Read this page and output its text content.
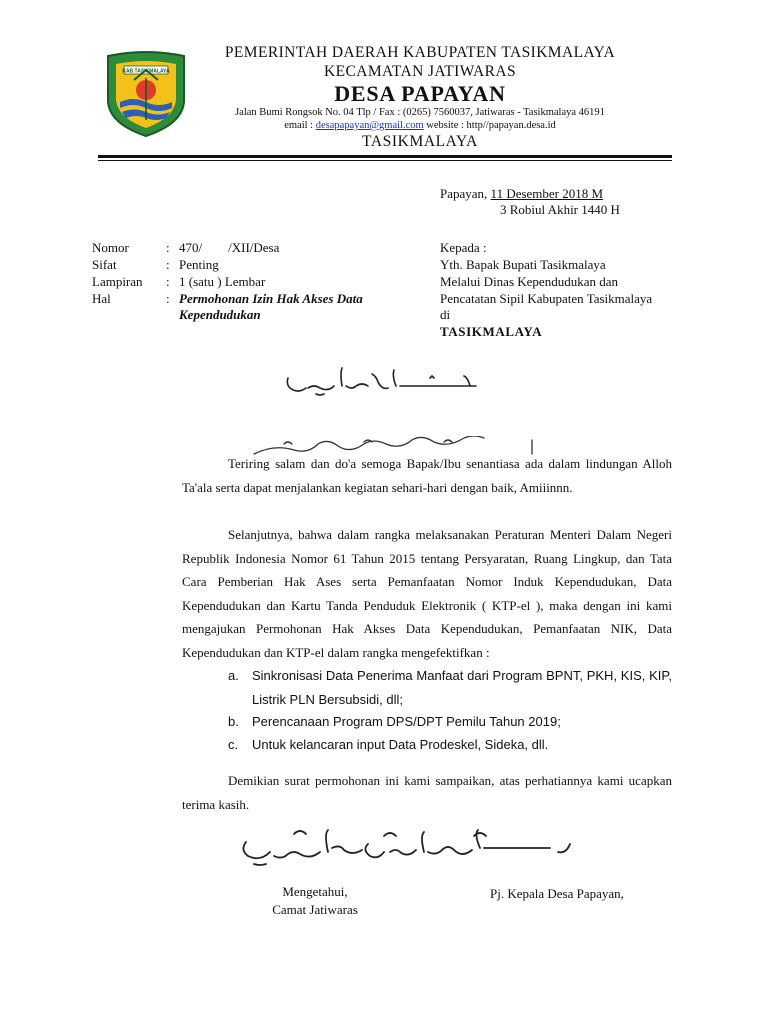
KAB.TASIKMALAYA
PEMERINTAH DAERAH KABUPATEN TASIKMALAYA
KECAMATAN JATIWARAS
DESA PAPAYAN
Jalan Bumi Rongsok No. 04 Tlp / Fax : (0265) 7560037, Jatiwaras - Tasikmalaya 46191
email : desapapayan@gmail.com website : http//papayan.desa.id
TASIKMALAYA
Papayan, 11 Desember 2018 M
3 Robiul Akhir 1440 H
Nomor	: 470/        /XII/Desa
Sifat	: Penting
Lampiran : 1 (satu ) Lembar
Hal	: Permohonan Izin Hak Akses Data
Kependudukan
Kepada :
Yth. Bapak Bupati Tasikmalaya
Melalui Dinas Kependudukan dan
Pencatatan Sipil Kabupaten Tasikmalaya
di
TASIKMALAYA
Teriring salam dan do'a semoga Bapak/Ibu senantiasa ada dalam lindungan Alloh Ta'ala serta dapat menjalankan kegiatan sehari-hari dengan baik, Amiiinnn.
Selanjutnya, bahwa dalam rangka melaksanakan Peraturan Menteri Dalam Negeri Republik Indonesia Nomor 61 Tahun 2015 tentang Persyaratan, Ruang Lingkup, dan Tata Cara Pemberian Hak Ases serta Pemanfaatan Nomor Induk Kependudukan, Data Kependudukan dan Kartu Tanda Penduduk Elektronik ( KTP-el ), maka dengan ini kami mengajukan Permohonan Hak Akses Data Kependudukan, Pemanfaatan NIK, Data Kependudukan dan KTP-el dalam rangka mengefektifkan :
a. Sinkronisasi Data Penerima Manfaat dari Program BPNT, PKH, KIS, KIP, Listrik PLN Bersubsidi, dll;
b. Perencanaan Program DPS/DPT Pemilu Tahun 2019;
c. Untuk kelancaran input Data Prodeskel, Sideka, dll.
Demikian surat permohonan ini kami sampaikan, atas perhatiannya kami ucapkan terima kasih.
Mengetahui,
Camat Jatiwaras
Pj. Kepala Desa Papayan,
